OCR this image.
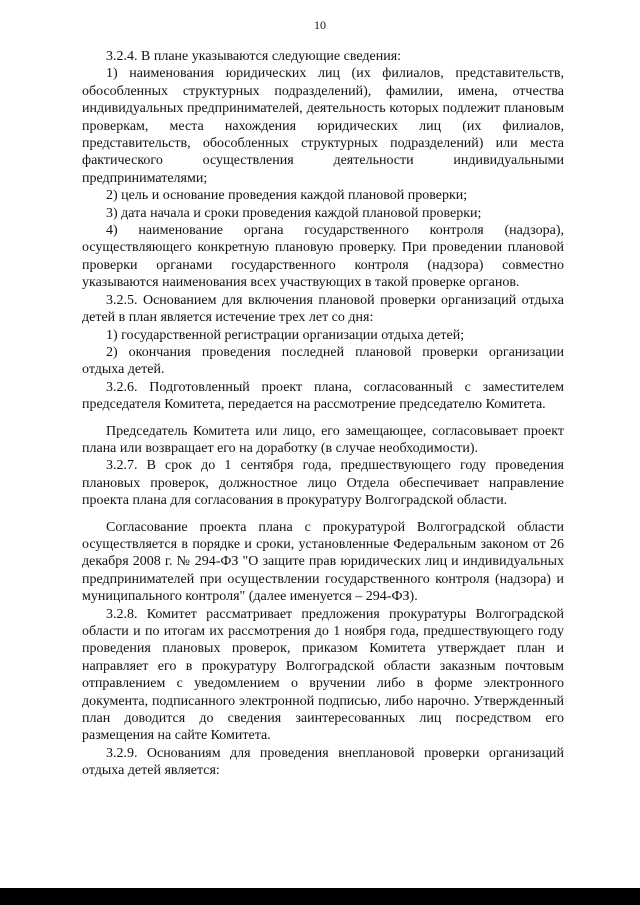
10

3.2.4. В плане указываются следующие сведения:

1) наименования юридических лиц (их филиалов, представительств, обособленных структурных подразделений), фамилии, имена, отчества индивидуальных предпринимателей, деятельность которых подлежит плановым проверкам, места нахождения юридических лиц (их филиалов, представительств, обособленных структурных подразделений) или места фактического осуществления деятельности индивидуальными предпринимателями;

2) цель и основание проведения каждой плановой проверки;

3) дата начала и сроки проведения каждой плановой проверки;

4) наименование органа государственного контроля (надзора), осуществляющего конкретную плановую проверку. При проведении плановой проверки органами государственного контроля (надзора) совместно указываются наименования всех участвующих в такой проверке органов.

3.2.5. Основанием для включения плановой проверки организаций отдыха детей в план является истечение трех лет со дня:

1) государственной регистрации организации отдыха детей;

2) окончания проведения последней плановой проверки организации отдыха детей.

3.2.6. Подготовленный проект плана, согласованный с заместителем председателя Комитета, передается на рассмотрение председателю Комитета.

Председатель Комитета или лицо, его замещающее, согласовывает проект плана или возвращает его на доработку (в случае необходимости).

3.2.7. В срок до 1 сентября года, предшествующего году проведения плановых проверок, должностное лицо Отдела обеспечивает направление проекта плана для согласования в прокуратуру Волгоградской области.

Согласование проекта плана с прокуратурой Волгоградской области осуществляется в порядке и сроки, установленные Федеральным законом от 26 декабря 2008 г. № 294-ФЗ "О защите прав юридических лиц и индивидуальных предпринимателей при осуществлении государственного контроля (надзора) и муниципального контроля" (далее именуется – 294-ФЗ).

3.2.8. Комитет рассматривает предложения прокуратуры Волгоградской области и по итогам их рассмотрения до 1 ноября года, предшествующего году проведения плановых проверок, приказом Комитета утверждает план и направляет его в прокуратуру Волгоградской области заказным почтовым отправлением с уведомлением о вручении либо в форме электронного документа, подписанного электронной подписью, либо нарочно. Утвержденный план доводится до сведения заинтересованных лиц посредством его размещения на сайте Комитета.

3.2.9. Основаниям для проведения внеплановой проверки организаций отдыха детей является:
